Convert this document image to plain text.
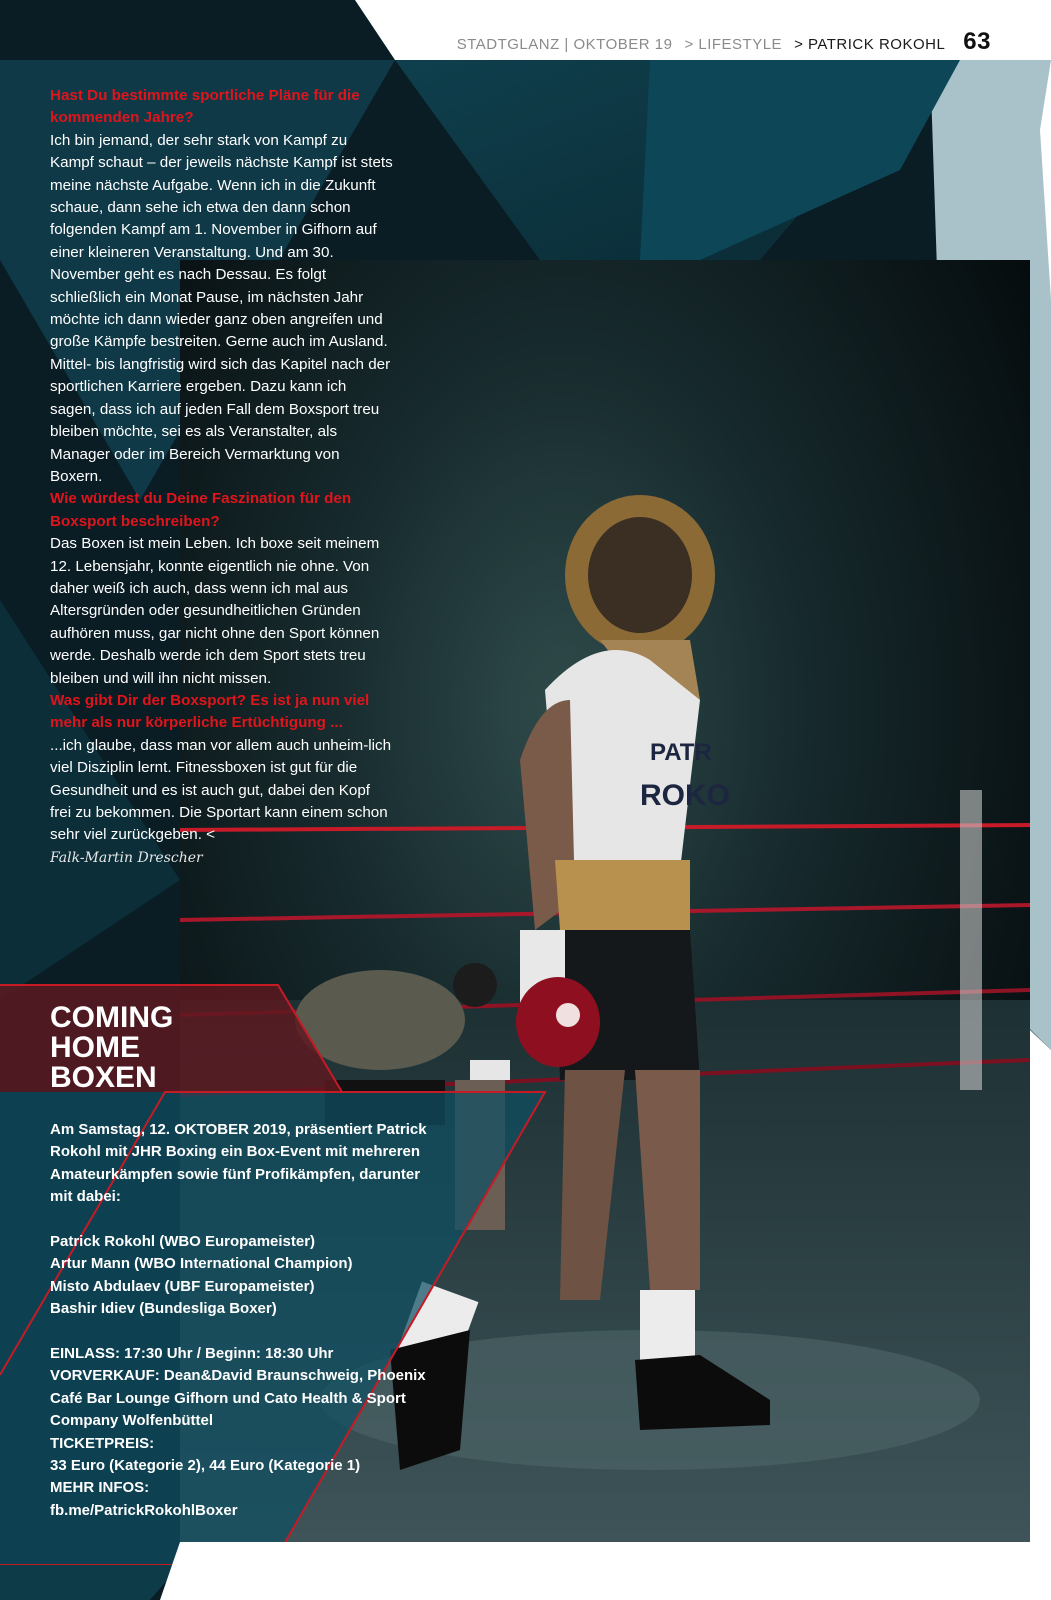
PATR
ROKO
STADTGLANZ | OKTOBER 19 > LIFESTYLE > PATRICK ROKOHL 63

Hast Du bestimmte sportliche Pläne für die kommenden Jahre?

Ich bin jemand, der sehr stark von Kampf zu Kampf schaut – der jeweils nächste Kampf ist stets meine nächste Aufgabe. Wenn ich in die Zukunft schaue, dann sehe ich etwa den dann schon folgenden Kampf am 1. November in Gifhorn auf einer kleineren Veranstaltung. Und am 30. November geht es nach Dessau. Es folgt schließlich ein Monat Pause, im nächsten Jahr möchte ich dann wieder ganz oben angreifen und große Kämpfe bestreiten. Gerne auch im Ausland. Mittel- bis langfristig wird sich das Kapitel nach der sportlichen Karriere ergeben. Dazu kann ich sagen, dass ich auf jeden Fall dem Boxsport treu bleiben möchte, sei es als Veranstalter, als Manager oder im Bereich Vermarktung von Boxern.

Wie würdest du Deine Faszination für den Boxsport beschreiben?

Das Boxen ist mein Leben. Ich boxe seit meinem 12. Lebensjahr, konnte eigentlich nie ohne. Von daher weiß ich auch, dass wenn ich mal aus Altersgründen oder gesundheitlichen Gründen aufhören muss, gar nicht ohne den Sport können werde. Deshalb werde ich dem Sport stets treu bleiben und will ihn nicht missen.

Was gibt Dir der Boxsport? Es ist ja nun viel mehr als nur körperliche Ertüchtigung ...

...ich glaube, dass man vor allem auch unheim-lich viel Disziplin lernt. Fitnessboxen ist gut für die Gesundheit und es ist auch gut, dabei den Kopf frei zu bekommen. Die Sportart kann einem schon sehr viel zurückgeben. <

Falk-Martin Drescher

COMING
HOME
BOXEN

Am Samstag, 12. OKTOBER 2019, präsentiert Patrick Rokohl mit JHR Boxing ein Box-Event mit mehreren Amateurkämpfen sowie fünf Profikämpfen, darunter mit dabei:

Patrick Rokohl (WBO Europameister)

Artur Mann (WBO International Champion)

Misto Abdulaev (UBF Europameister)

Bashir Idiev (Bundesliga Boxer)

EINLASS: 17:30 Uhr / Beginn: 18:30 Uhr

VORVERKAUF: Dean&David Braunschweig, Phoenix Café Bar Lounge Gifhorn und Cato Health & Sport Company Wolfenbüttel

TICKETPREIS:

33 Euro (Kategorie 2), 44 Euro (Kategorie 1)

MEHR INFOS:

fb.me/PatrickRokohlBoxer
